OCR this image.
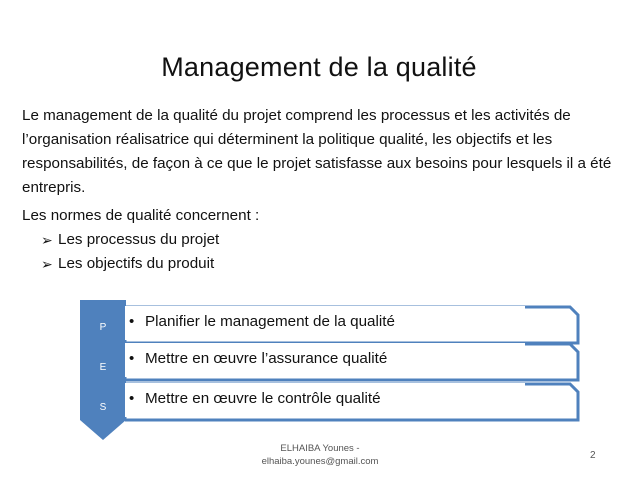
Management de la qualité

Le management de la qualité du projet comprend les processus et les activités de l’organisation réalisatrice qui déterminent la politique qualité, les objectifs et les responsabilités, de façon à ce que le projet satisfasse aux besoins pour lesquels il a été entrepris.

Les normes de qualité concernent :

➢ Les processus du projet
➢ Les objectifs du produit
P	• Planifier le management de la qualité
E
• Mettre en œuvre l’assurance qualité
S
• Mettre en œuvre le contrôle qualité
ELHAIBA Younes -
elhaiba.younes@gmail.com
2
